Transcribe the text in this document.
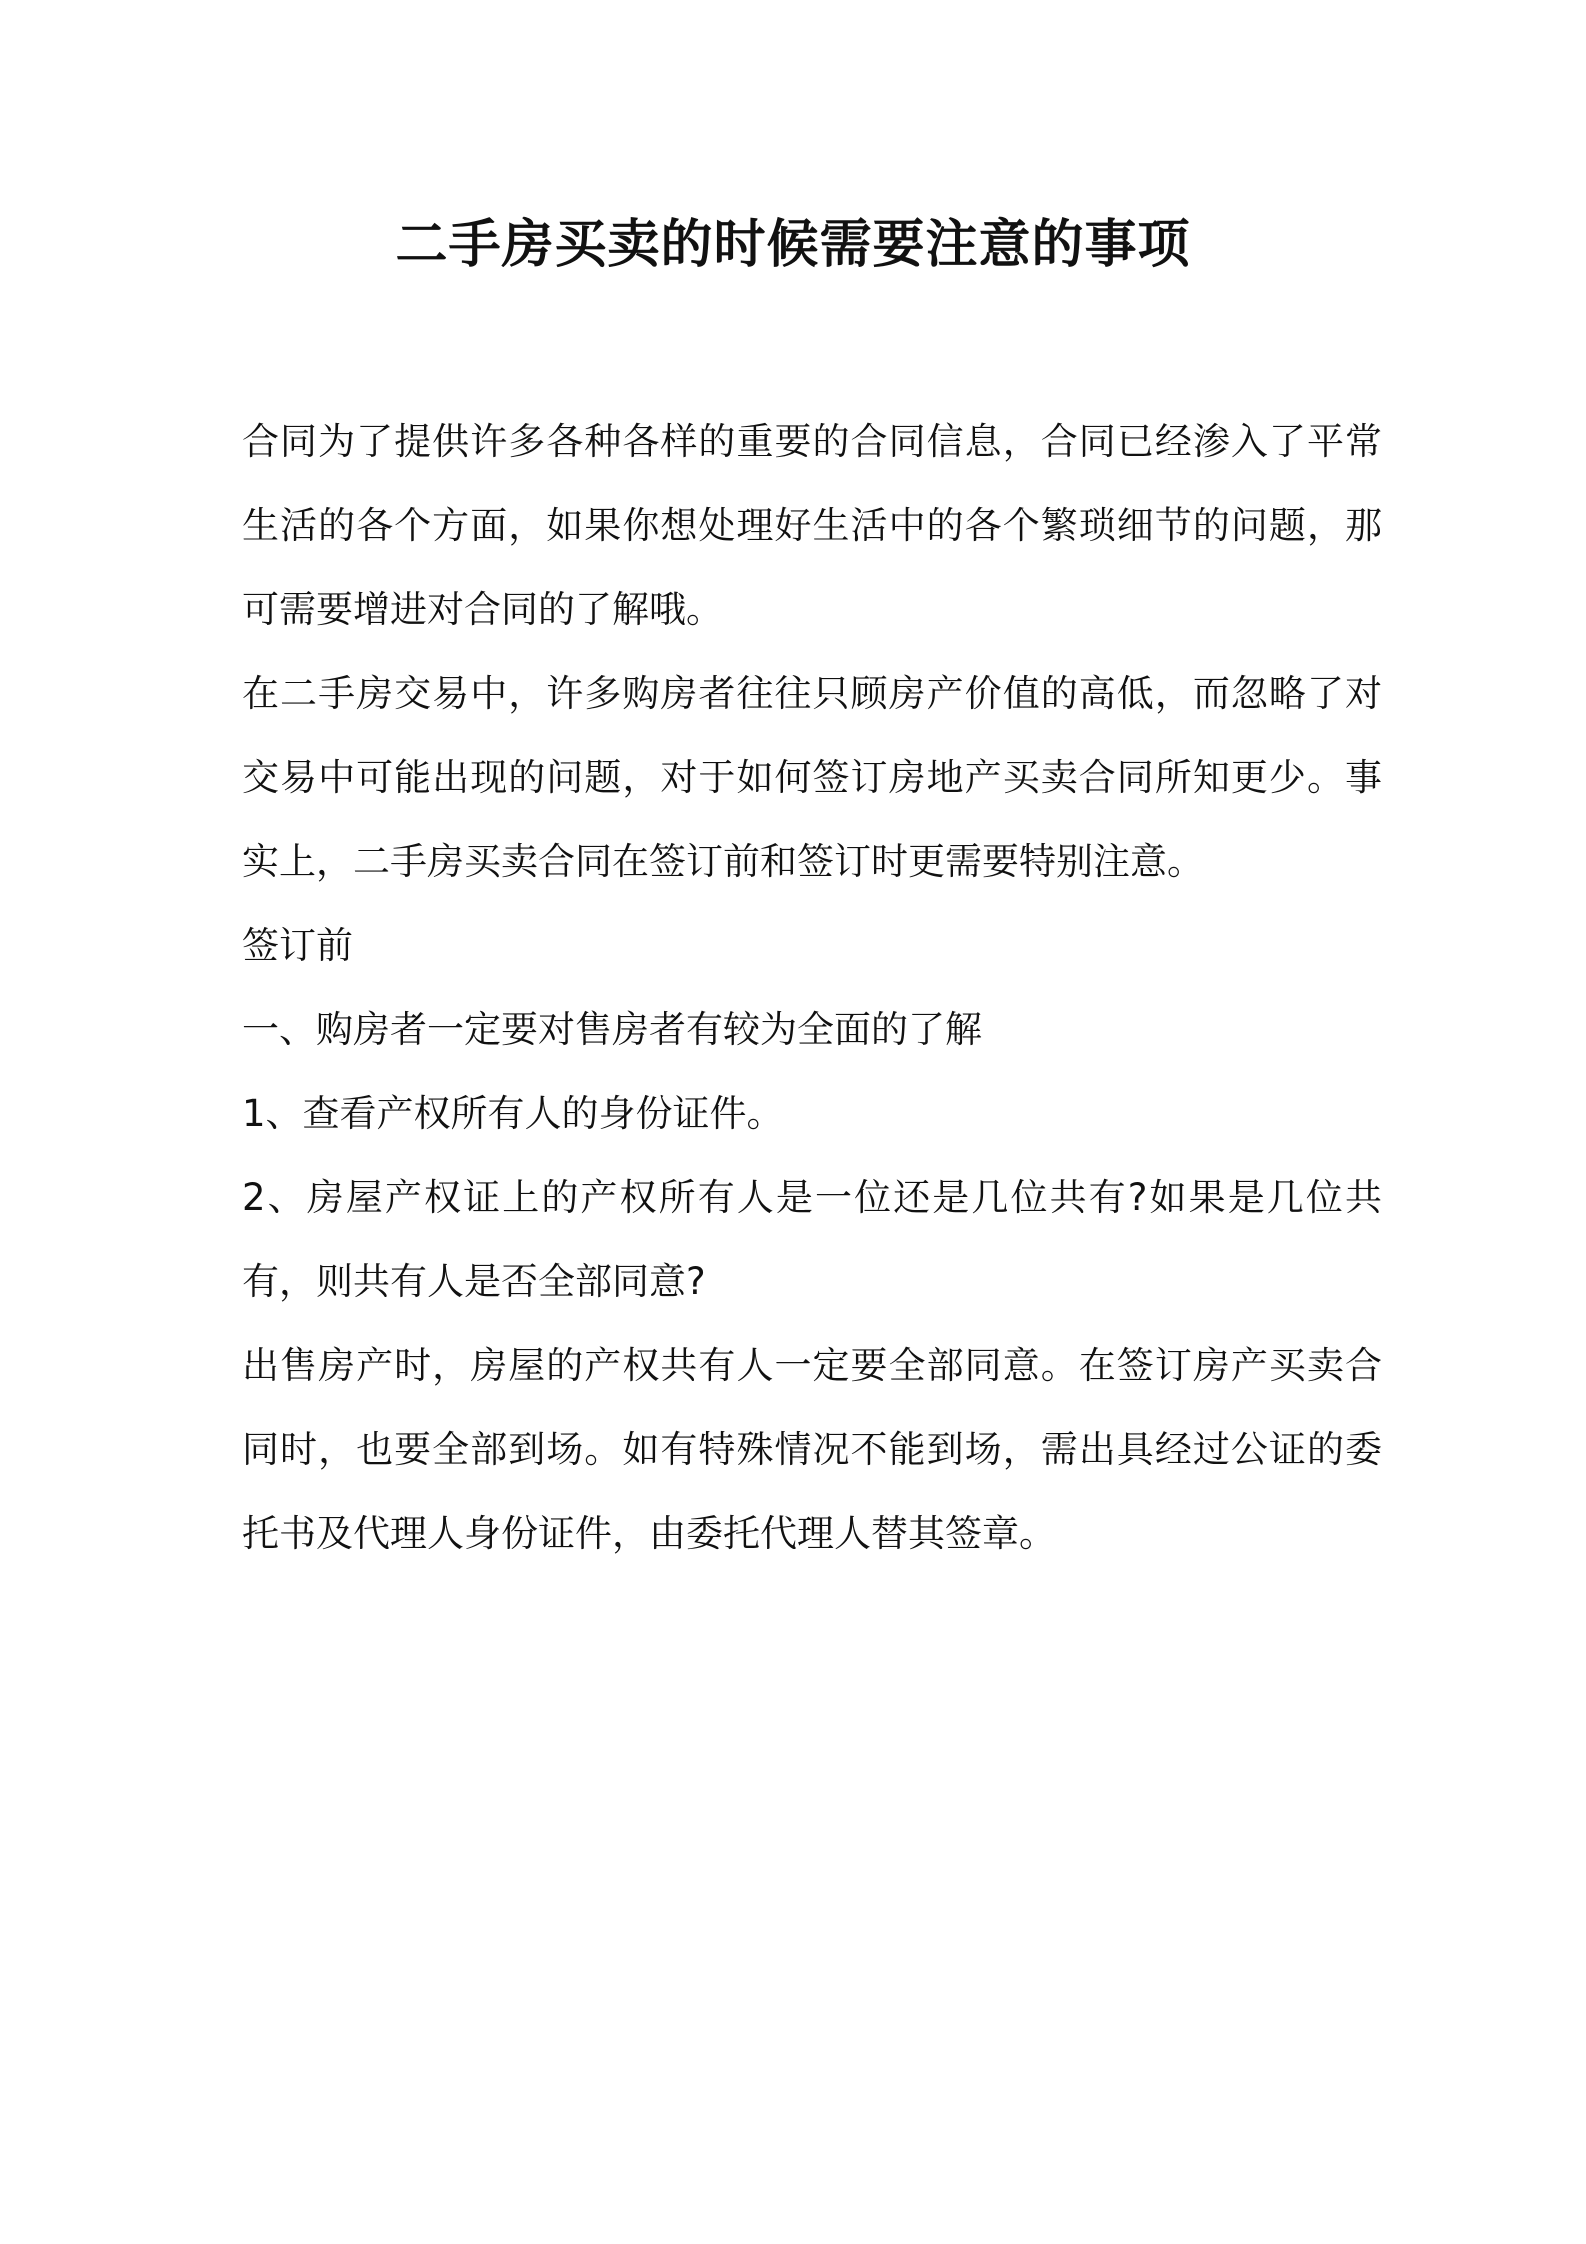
二手房买卖的时候需要注意的事项

合同为了提供许多各种各样的重要的合同信息，合同已经渗入了平常生活的各个方面，如果你想处理好生活中的各个繁琐细节的问题，那可需要增进对合同的了解哦。

在二手房交易中，许多购房者往往只顾房产价值的高低，而忽略了对交易中可能出现的问题，对于如何签订房地产买卖合同所知更少。事实上，二手房买卖合同在签订前和签订时更需要特别注意。

签订前

一、购房者一定要对售房者有较为全面的了解

1、查看产权所有人的身份证件。

2、房屋产权证上的产权所有人是一位还是几位共有?如果是几位共有，则共有人是否全部同意?

出售房产时，房屋的产权共有人一定要全部同意。在签订房产买卖合同时，也要全部到场。如有特殊情况不能到场，需出具经过公证的委托书及代理人身份证件，由委托代理人替其签章。
